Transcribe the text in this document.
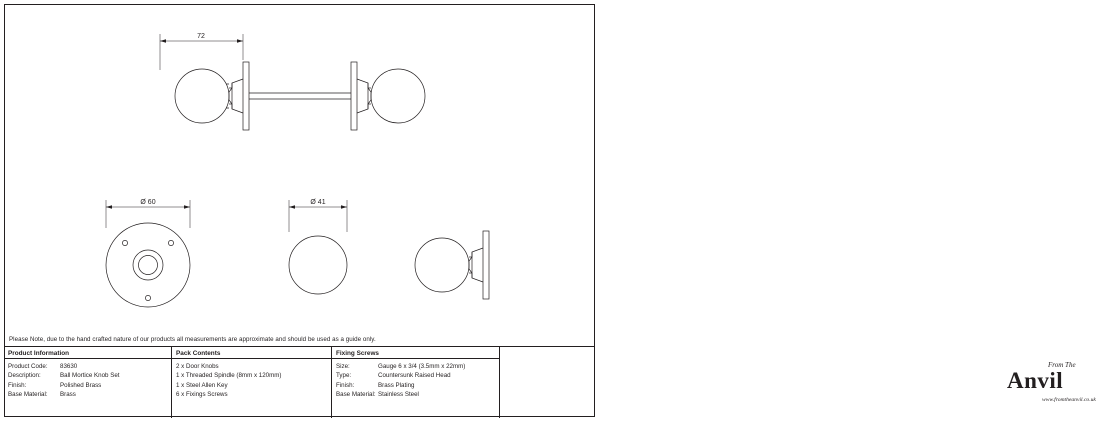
72
Ø 60	Ø 41
Please Note, due to the hand crafted nature of our products all measurements are approximate and should be used as a guide only.
Product Information
Product Code: 83630
Description:	Ball Mortice Knob Set
Finish:	Polished Brass
Base Material: Brass
Pack Contents
2 x Door Knobs
1 x Threaded Spindle (8mm x 120mm)
1 x Steel Allen Key
6 x Fixings Screws
Fixing Screws
Size:	Gauge 6 x 3/4 (3.5mm x 22mm)
Type:	Countersunk Raised Head
Finish:	Brass Plating
Base Material: Stainless Steel
From The
Anvil
www.fromtheanvil.co.uk
